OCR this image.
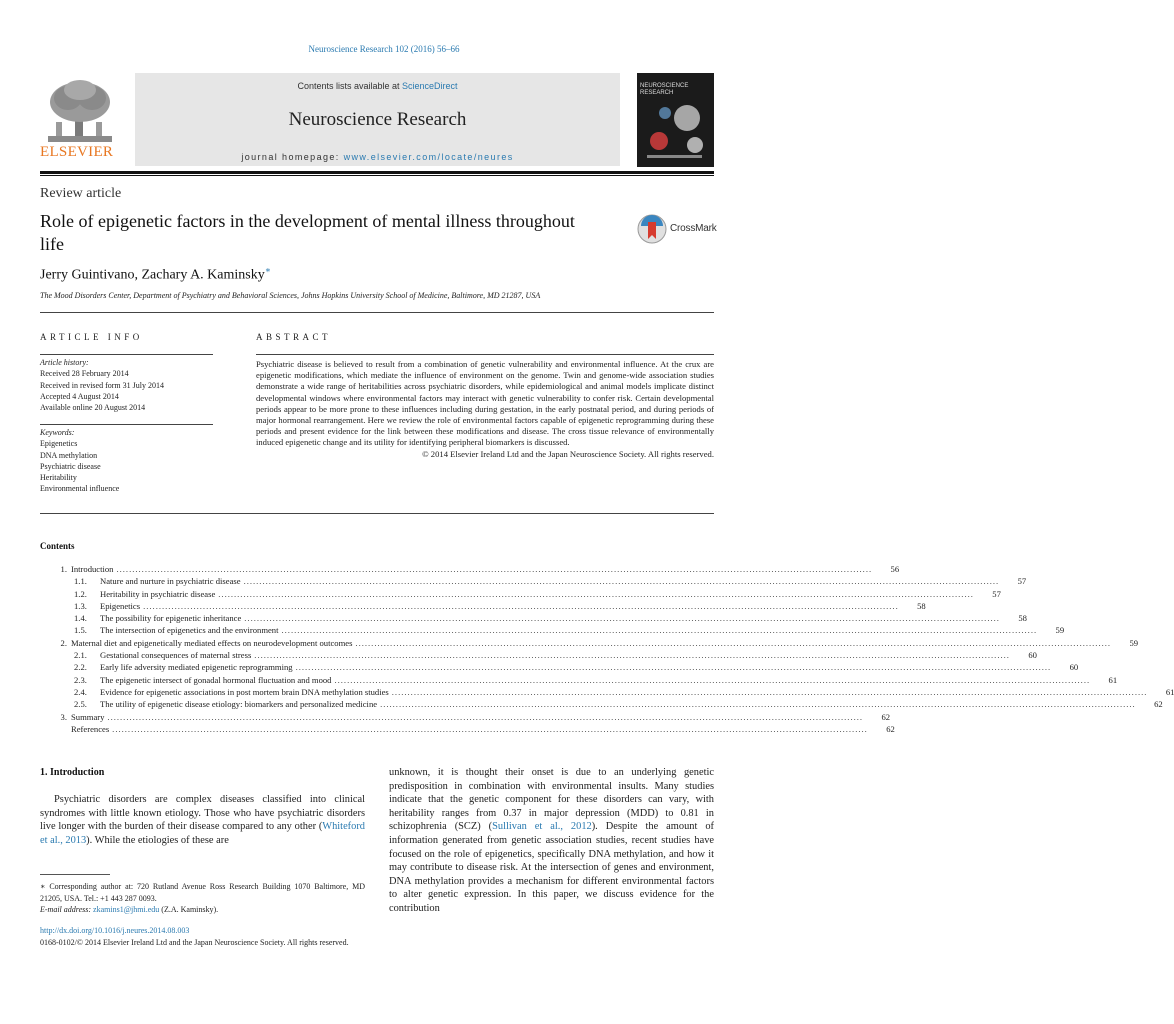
Neuroscience Research 102 (2016) 56–66
ELSEVIER
Contents lists available at ScienceDirect
Neuroscience Research
journal homepage: www.elsevier.com/locate/neures
NEUROSCIENCE RESEARCH
Review article
Role of epigenetic factors in the development of mental illness throughout life
CrossMark
Jerry Guintivano, Zachary A. Kaminsky∗
The Mood Disorders Center, Department of Psychiatry and Behavioral Sciences, Johns Hopkins University School of Medicine, Baltimore, MD 21287, USA
ARTICLE INFO	ABSTRACT
Article history:
Received 28 February 2014
Received in revised form 31 July 2014
Accepted 4 August 2014
Available online 20 August 2014
Keywords:
Epigenetics
DNA methylation
Psychiatric disease
Heritability
Environmental influence
Psychiatric disease is believed to result from a combination of genetic vulnerability and environmental influence. At the crux are epigenetic modifications, which mediate the influence of environment on the genome. Twin and genome-wide association studies demonstrate a wide range of heritabilities across psychiatric disorders, while epidemiological and animal models implicate distinct developmental windows where environmental factors may interact with genetic vulnerability to confer risk. Certain developmental periods appear to be more prone to these influences including during gestation, in the early postnatal period, and during periods of major hormonal rearrangement. Here we review the role of environmental factors capable of epigenetic reprogramming during these periods and present evidence for the link between these modifications and disease. The cross tissue relevance of environmentally induced epigenetic change and its utility for identifying peripheral biomarkers is discussed.
© 2014 Elsevier Ireland Ltd and the Japan Neuroscience Society. All rights reserved.
Contents
1. Introduction ................................................................................................................................................................................................................................................	56
1.1.	Nature and nurture in psychiatric disease ................................................................................................................................................................................................................................................	57
1.2.	Heritability in psychiatric disease ................................................................................................................................................................................................................................................	57
1.3.	Epigenetics ................................................................................................................................................................................................................................................	58
1.4.	The possibility for epigenetic inheritance ................................................................................................................................................................................................................................................	58
1.5.	The intersection of epigenetics and the environment ................................................................................................................................................................................................................................................	59
2. Maternal diet and epigenetically mediated effects on neurodevelopment outcomes ................................................................................................................................................................................................................................................	59
2.1.	Gestational consequences of maternal stress ................................................................................................................................................................................................................................................	60
2.2.	Early life adversity mediated epigenetic reprogramming ................................................................................................................................................................................................................................................	60
2.3.	The epigenetic intersect of gonadal hormonal fluctuation and mood ................................................................................................................................................................................................................................................	61
2.4.	Evidence for epigenetic associations in post mortem brain DNA methylation studies ................................................................................................................................................................................................................................................	61
2.5.	The utility of epigenetic disease etiology: biomarkers and personalized medicine ................................................................................................................................................................................................................................................	62
3. Summary ................................................................................................................................................................................................................................................	62
References ................................................................................................................................................................................................................................................	62
1. Introduction
Psychiatric disorders are complex diseases classified into clinical syndromes with little known etiology. Those who have psychiatric disorders live longer with the burden of their disease compared to any other (Whiteford et al., 2013). While the etiologies of these are
unknown, it is thought their onset is due to an underlying genetic predisposition in combination with environmental insults. Many studies indicate that the genetic component for these disorders can vary, with heritability ranges from 0.37 in major depression (MDD) to 0.81 in schizophrenia (SCZ) (Sullivan et al., 2012). Despite the amount of information generated from genetic association studies, recent studies have focused on the role of epigenetics, specifically DNA methylation, and how it may contribute to disease risk. At the intersection of genes and environment, DNA methylation provides a mechanism for different environmental factors to alter genetic expression. In this paper, we discuss evidence for the contribution
∗ Corresponding author at: 720 Rutland Avenue Ross Research Building 1070 Baltimore, MD 21205, USA. Tel.: +1 443 287 0093.
E-mail address: zkamins1@jhmi.edu (Z.A. Kaminsky).
http://dx.doi.org/10.1016/j.neures.2014.08.003
0168-0102/© 2014 Elsevier Ireland Ltd and the Japan Neuroscience Society. All rights reserved.
